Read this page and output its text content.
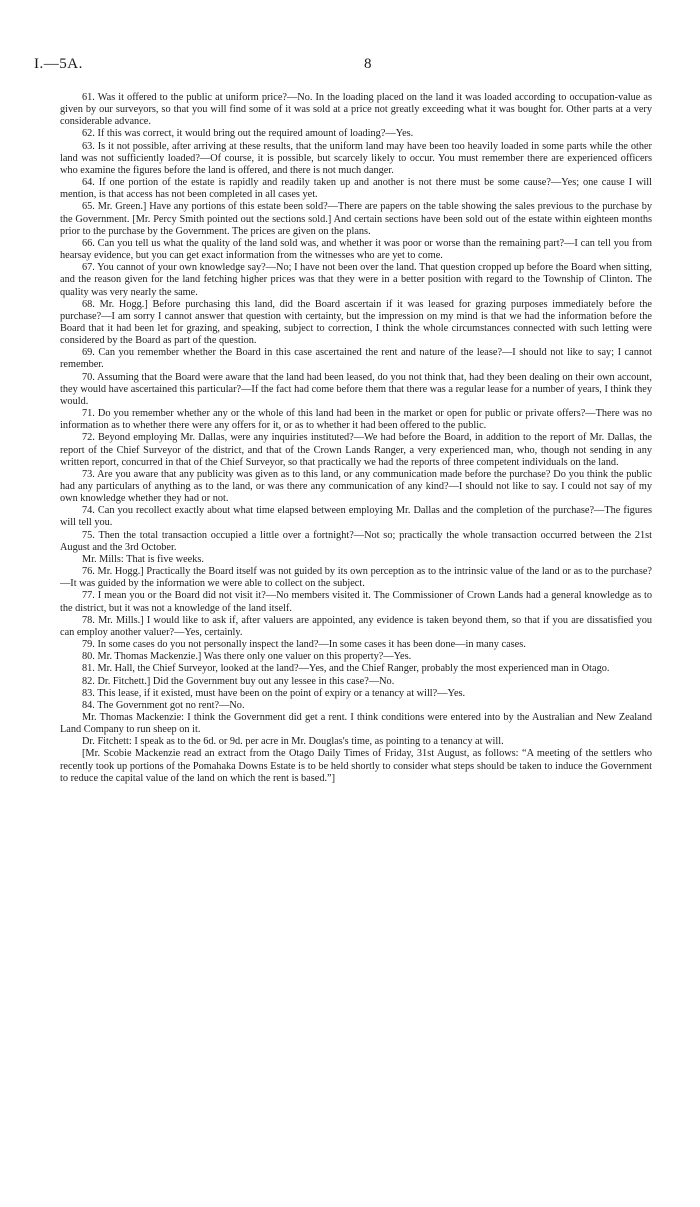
I.—5A.	8

61. Was it offered to the public at uniform price?—No. In the loading placed on the land it was loaded according to occupation-value as given by our surveyors, so that you will find some of it was sold at a price not greatly exceeding what it was bought for. Other parts at a very considerable advance.

62. If this was correct, it would bring out the required amount of loading?—Yes.

63. Is it not possible, after arriving at these results, that the uniform land may have been too heavily loaded in some parts while the other land was not sufficiently loaded?—Of course, it is possible, but scarcely likely to occur. You must remember there are experienced officers who examine the figures before the land is offered, and there is not much danger.

64. If one portion of the estate is rapidly and readily taken up and another is not there must be some cause?—Yes; one cause I will mention, is that access has not been completed in all cases yet.

65. Mr. Green.] Have any portions of this estate been sold?—There are papers on the table showing the sales previous to the purchase by the Government. [Mr. Percy Smith pointed out the sections sold.] And certain sections have been sold out of the estate within eighteen months prior to the purchase by the Government. The prices are given on the plans.

66. Can you tell us what the quality of the land sold was, and whether it was poor or worse than the remaining part?—I can tell you from hearsay evidence, but you can get exact information from the witnesses who are yet to come.

67. You cannot of your own knowledge say?—No; I have not been over the land. That question cropped up before the Board when sitting, and the reason given for the land fetching higher prices was that they were in a better position with regard to the Township of Clinton. The quality was very nearly the same.

68. Mr. Hogg.] Before purchasing this land, did the Board ascertain if it was leased for grazing purposes immediately before the purchase?—I am sorry I cannot answer that question with certainty, but the impression on my mind is that we had the information before the Board that it had been let for grazing, and speaking, subject to correction, I think the whole circumstances connected with such letting were considered by the Board as part of the question.

69. Can you remember whether the Board in this case ascertained the rent and nature of the lease?—I should not like to say; I cannot remember.

70. Assuming that the Board were aware that the land had been leased, do you not think that, had they been dealing on their own account, they would have ascertained this particular?—If the fact had come before them that there was a regular lease for a number of years, I think they would.

71. Do you remember whether any or the whole of this land had been in the market or open for public or private offers?—There was no information as to whether there were any offers for it, or as to whether it had been offered to the public.

72. Beyond employing Mr. Dallas, were any inquiries instituted?—We had before the Board, in addition to the report of Mr. Dallas, the report of the Chief Surveyor of the district, and that of the Crown Lands Ranger, a very experienced man, who, though not sending in any written report, concurred in that of the Chief Surveyor, so that practically we had the reports of three competent individuals on the land.

73. Are you aware that any publicity was given as to this land, or any communication made before the purchase? Do you think the public had any particulars of anything as to the land, or was there any communication of any kind?—I should not like to say. I could not say of my own knowledge whether they had or not.

74. Can you recollect exactly about what time elapsed between employing Mr. Dallas and the completion of the purchase?—The figures will tell you.

75. Then the total transaction occupied a little over a fortnight?—Not so; practically the whole transaction occurred between the 21st August and the 3rd October.

Mr. Mills: That is five weeks.

76. Mr. Hogg.] Practically the Board itself was not guided by its own perception as to the intrinsic value of the land or as to the purchase?—It was guided by the information we were able to collect on the subject.

77. I mean you or the Board did not visit it?—No members visited it. The Commissioner of Crown Lands had a general knowledge as to the district, but it was not a knowledge of the land itself.

78. Mr. Mills.] I would like to ask if, after valuers are appointed, any evidence is taken beyond them, so that if you are dissatisfied you can employ another valuer?—Yes, certainly.

79. In some cases do you not personally inspect the land?—In some cases it has been done—in many cases.

80. Mr. Thomas Mackenzie.] Was there only one valuer on this property?—Yes.

81. Mr. Hall, the Chief Surveyor, looked at the land?—Yes, and the Chief Ranger, probably the most experienced man in Otago.

82. Dr. Fitchett.] Did the Government buy out any lessee in this case?—No.

83. This lease, if it existed, must have been on the point of expiry or a tenancy at will?—Yes.

84. The Government got no rent?—No.

Mr. Thomas Mackenzie: I think the Government did get a rent. I think conditions were entered into by the Australian and New Zealand Land Company to run sheep on it.

Dr. Fitchett: I speak as to the 6d. or 9d. per acre in Mr. Douglas's time, as pointing to a tenancy at will.

[Mr. Scobie Mackenzie read an extract from the Otago Daily Times of Friday, 31st August, as follows: “A meeting of the settlers who recently took up portions of the Pomahaka Downs Estate is to be held shortly to consider what steps should be taken to induce the Government to reduce the capital value of the land on which the rent is based.”]
